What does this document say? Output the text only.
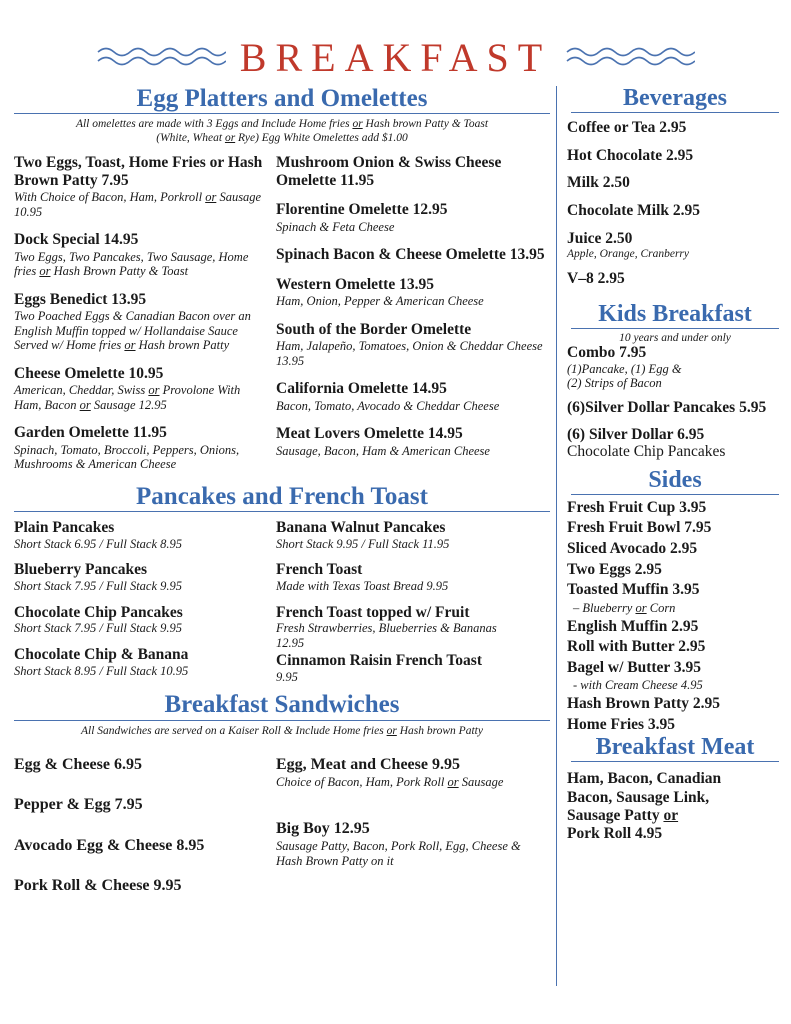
BREAKFAST
Egg Platters and Omelettes
All omelettes are made with 3 Eggs and Include Home fries or Hash brown Patty & Toast
(White, Wheat or Rye) Egg White Omelettes add $1.00
Two Eggs, Toast, Home Fries or Hash Brown Patty 7.95
With Choice of Bacon, Ham, Porkroll or Sausage 10.95
Dock Special 14.95
Two Eggs, Two Pancakes, Two Sausage, Home fries or Hash Brown Patty & Toast
Eggs Benedict 13.95
Two Poached Eggs & Canadian Bacon over an English Muffin topped w/ Hollandaise Sauce Served w/ Home fries or Hash brown Patty
Cheese Omelette 10.95
American, Cheddar, Swiss or Provolone With Ham, Bacon or Sausage 12.95
Garden Omelette 11.95
Spinach, Tomato, Broccoli, Peppers, Onions, Mushrooms & American Cheese
Mushroom Onion & Swiss Cheese Omelette 11.95
Florentine Omelette 12.95
Spinach & Feta Cheese
Spinach Bacon & Cheese Omelette 13.95
Western Omelette 13.95
Ham, Onion, Pepper & American Cheese
South of the Border Omelette
Ham, Jalapeño, Tomatoes, Onion & Cheddar Cheese 13.95
California Omelette 14.95
Bacon, Tomato, Avocado & Cheddar Cheese
Meat Lovers Omelette 14.95
Sausage, Bacon, Ham & American Cheese
Pancakes and French Toast
Plain Pancakes
Short Stack 6.95 / Full Stack 8.95
Blueberry Pancakes
Short Stack 7.95 / Full Stack 9.95
Chocolate Chip Pancakes
Short Stack 7.95 / Full Stack 9.95
Chocolate Chip & Banana
Short Stack 8.95 / Full Stack 10.95
Banana Walnut Pancakes
Short Stack 9.95 / Full Stack 11.95
French Toast
Made with Texas Toast Bread 9.95
French Toast topped w/ Fruit
Fresh Strawberries, Blueberries & Bananas
12.95
Cinnamon Raisin French Toast
9.95
Breakfast Sandwiches
All Sandwiches are served on a Kaiser Roll & Include Home fries or Hash brown Patty
Egg & Cheese 6.95
Pepper & Egg 7.95
Avocado Egg & Cheese 8.95
Pork Roll & Cheese 9.95
Egg, Meat and Cheese 9.95
Choice of Bacon, Ham, Pork Roll or Sausage
Big Boy 12.95
Sausage Patty, Bacon, Pork Roll, Egg, Cheese & Hash Brown Patty on it
Beverages
Coffee or Tea 2.95
Hot Chocolate 2.95
Milk 2.50
Chocolate Milk 2.95
Juice 2.50
Apple, Orange, Cranberry
V–8 2.95
Kids Breakfast
10 years and under only
Combo 7.95
(1)Pancake, (1) Egg &
(2) Strips of Bacon
(6)Silver Dollar Pancakes 5.95
(6) Silver Dollar 6.95
Chocolate Chip Pancakes
Sides
Fresh Fruit Cup 3.95
Fresh Fruit Bowl 7.95
Sliced Avocado 2.95
Two Eggs 2.95
Toasted Muffin 3.95
– Blueberry or Corn
English Muffin 2.95
Roll with Butter 2.95
Bagel w/ Butter 3.95
- with Cream Cheese 4.95
Hash Brown Patty 2.95
Home Fries 3.95
Breakfast Meat
Ham, Bacon, Canadian
Bacon, Sausage Link,
Sausage Patty or
Pork Roll 4.95
